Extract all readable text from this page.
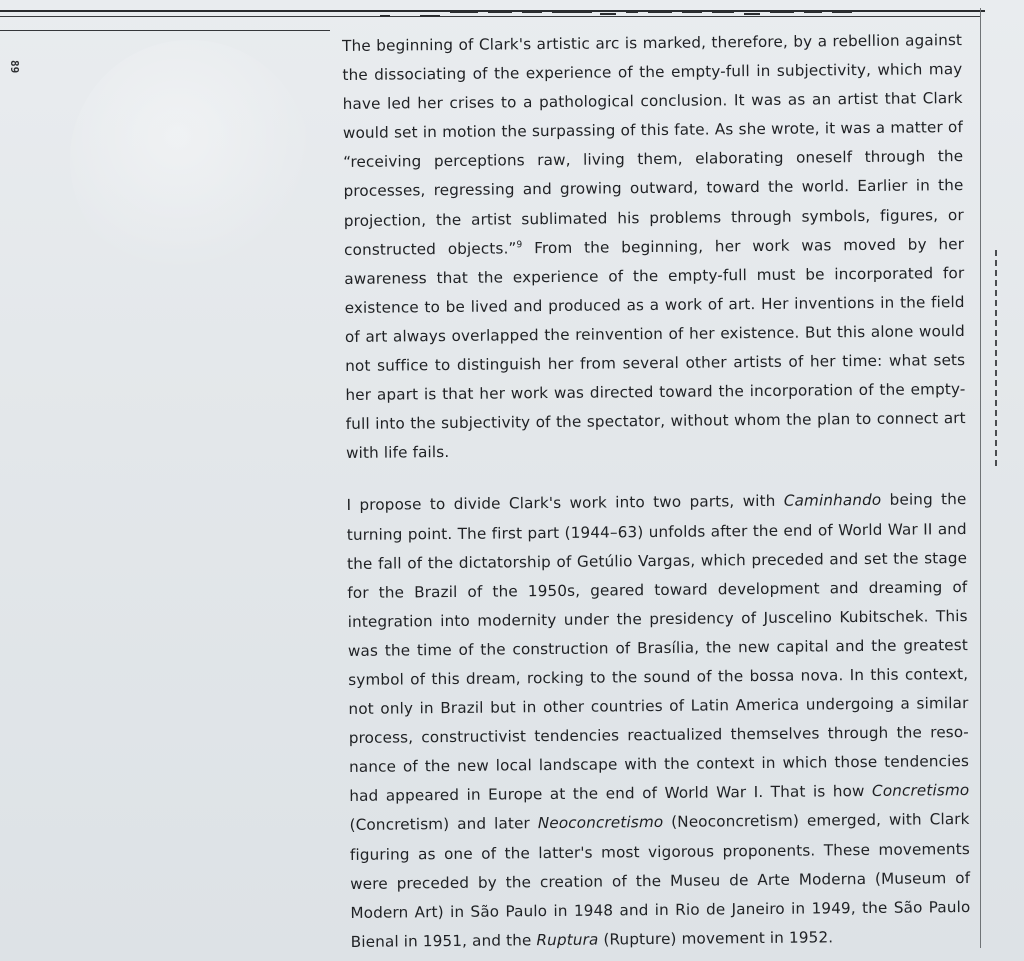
89

The beginning of Clark's artistic arc is marked, therefore, by a rebellion against the dissociating of the experience of the empty-full in subjectivity, which may have led her crises to a pathological conclusion. It was as an artist that Clark would set in motion the surpassing of this fate. As she wrote, it was a matter of “receiving perceptions raw, living them, elaborating oneself through the processes, regressing and growing outward, toward the world. Earlier in the projection, the artist sublimated his problems through symbols, figures, or constructed objects.”$^9$ From the beginning, her work was moved by her awareness that the experience of the empty-full must be incorporated for existence to be lived and produced as a work of art. Her inventions in the field of art always overlapped the reinvention of her existence. But this alone would not suffice to distinguish her from several other artists of her time: what sets her apart is that her work was directed toward the incorporation of the empty-full into the subjectivity of the spectator, without whom the plan to connect art with life fails.

I propose to divide Clark's work into two parts, with Caminhando being the turning point. The first part (1944–63) unfolds after the end of World War II and the fall of the dictatorship of Getúlio Vargas, which preceded and set the stage for the Brazil of the 1950s, geared toward development and dreaming of integration into modernity under the presidency of Juscelino Kubitschek. This was the time of the construction of Brasília, the new capital and the greatest symbol of this dream, rocking to the sound of the bossa nova. In this context, not only in Brazil but in other countries of Latin America undergoing a similar process, constructivist tendencies reactualized themselves through the resonance of the new local landscape with the context in which those tendencies had appeared in Europe at the end of World War I. That is how Concretismo (Concretism) and later Neoconcretismo (Neoconcretism) emerged, with Clark figuring as one of the latter's most vigorous proponents. These movements were preceded by the creation of the Museu de Arte Moderna (Museum of Modern Art) in São Paulo in 1948 and in Rio de Janeiro in 1949, the São Paulo Bienal in 1951, and the Ruptura (Rupture) movement in 1952.
